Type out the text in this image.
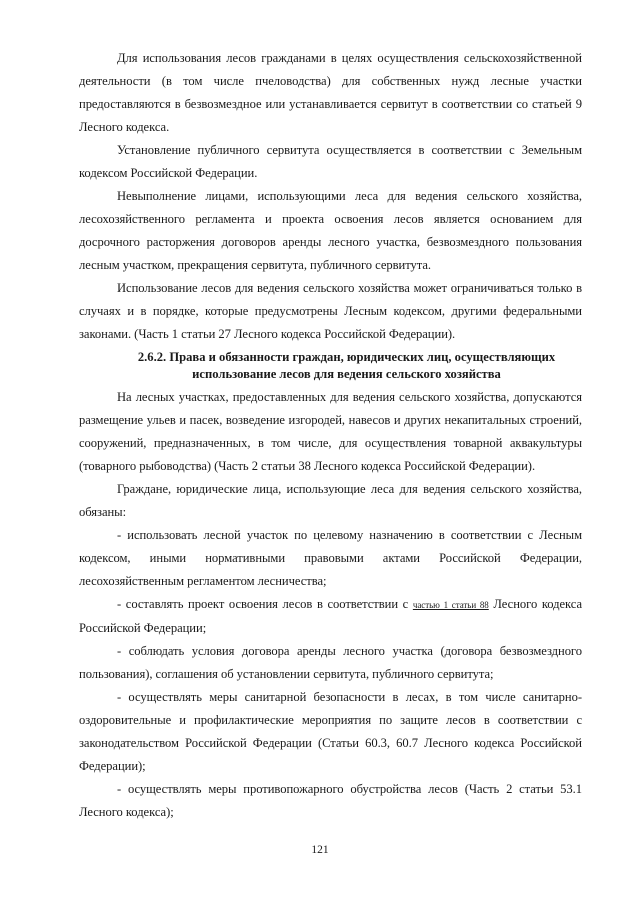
Для использования лесов гражданами в целях осуществления сельскохозяйственной деятельности (в том числе пчеловодства) для собственных нужд лесные участки предоставляются в безвозмездное или устанавливается сервитут в соответствии со статьей 9 Лесного кодекса.

Установление публичного сервитута осуществляется в соответствии с Земельным кодексом Российской Федерации.

Невыполнение лицами, использующими леса для ведения сельского хозяйства, лесохозяйственного регламента и проекта освоения лесов является основанием для досрочного расторжения договоров аренды лесного участка, безвозмездного пользования лесным участком, прекращения сервитута, публичного сервитута.

Использование лесов для ведения сельского хозяйства может ограничиваться только в случаях и в порядке, которые предусмотрены Лесным кодексом, другими федеральными законами. (Часть 1 статьи 27 Лесного кодекса Российской Федерации).

2.6.2. Права и обязанности граждан, юридических лиц, осуществляющих
использование лесов для ведения сельского хозяйства

На лесных участках, предоставленных для ведения сельского хозяйства, допускаются размещение ульев и пасек, возведение изгородей, навесов и других некапитальных строений, сооружений, предназначенных, в том числе, для осуществления товарной аквакультуры (товарного рыбоводства) (Часть 2 статьи 38 Лесного кодекса Российской Федерации).

Граждане, юридические лица, использующие леса для ведения сельского хозяйства, обязаны:

- использовать лесной участок по целевому назначению в соответствии с Лесным кодексом, иными нормативными правовыми актами Российской Федерации, лесохозяйственным регламентом лесничества;

- составлять проект освоения лесов в соответствии с частью 1 статьи 88 Лесного кодекса Российской Федерации;

- соблюдать условия договора аренды лесного участка (договора безвозмездного пользования), соглашения об установлении сервитута, публичного сервитута;

- осуществлять меры санитарной безопасности в лесах, в том числе санитарно-оздоровительные и профилактические мероприятия по защите лесов в соответствии с законодательством Российской Федерации (Статьи 60.3, 60.7 Лесного кодекса Российской Федерации);

- осуществлять меры противопожарного обустройства лесов (Часть 2 статьи 53.1 Лесного кодекса);

121
